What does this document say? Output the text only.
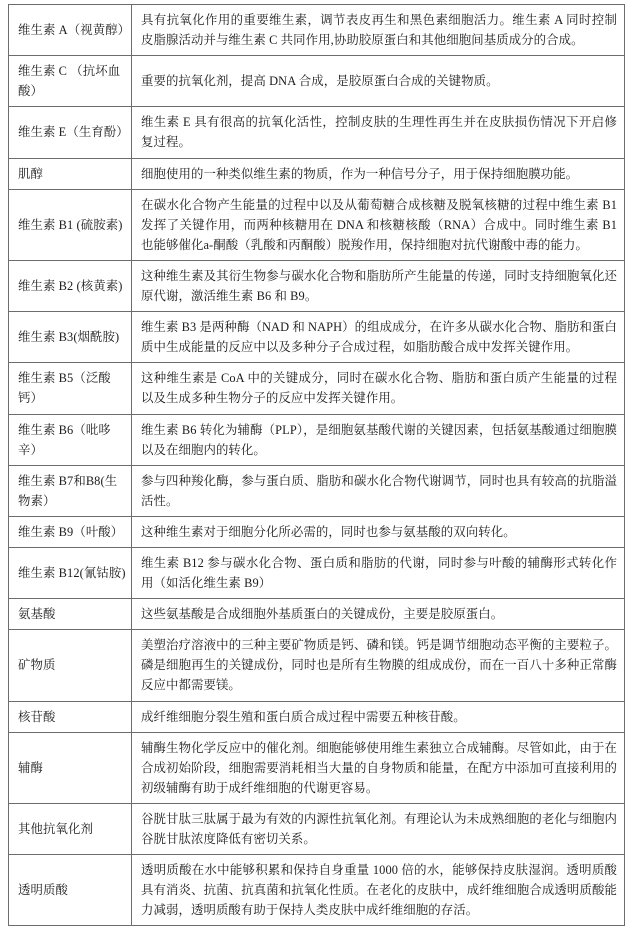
维生素 A（视黄醇）	具有抗氧化作用的重要维生素，调节表皮再生和黑色素细胞活力。维生素 A 同时控制皮脂腺活动并与维生素 C 共同作用,协助胶原蛋白和其他细胞间基质成分的合成。

维生素 C （抗坏血酸）	重要的抗氧化剂，提高 DNA 合成，是胶原蛋白合成的关键物质。

维生素 E（生育酚）	维生素 E 具有很高的抗氧化活性，控制皮肤的生理性再生并在皮肤损伤情况下开启修复过程。

肌醇	细胞使用的一种类似维生素的物质，作为一种信号分子，用于保持细胞膜功能。

维生素 B1 (硫胺素)	在碳水化合物产生能量的过程中以及从葡萄糖合成核糖及脱氧核糖的过程中维生素 B1 发挥了关键作用，而两种核糖用在 DNA 和核糖核酸（RNA）合成中。同时维生素 B1 也能够催化a-酮酸（乳酸和丙酮酸）脱羧作用，保持细胞对抗代谢酸中毒的能力。

维生素 B2 (核黄素)	这种维生素及其衍生物参与碳水化合物和脂肪所产生能量的传递，同时支持细胞氧化还原代谢，激活维生素 B6 和 B9。

维生素 B3(烟酰胺)	维生素 B3 是两种酶（NAD 和 NAPH）的组成成分，在许多从碳水化合物、脂肪和蛋白质中生成能量的反应中以及多种分子合成过程，如脂肪酸合成中发挥关键作用。

维生素 B5（泛酸钙）	这种维生素是 CoA 中的关键成分，同时在碳水化合物、脂肪和蛋白质产生能量的过程以及生成多种生物分子的反应中发挥关键作用。

维生素 B6（吡哆辛）	维生素 B6 转化为辅酶（PLP），是细胞氨基酸代谢的关键因素，包括氨基酸通过细胞膜以及在细胞内的转化。

维生素 B7和B8(生物素）	参与四种羧化酶，参与蛋白质、脂肪和碳水化合物代谢调节，同时也具有较高的抗脂溢活性。

维生素 B9（叶酸）	这种维生素对于细胞分化所必需的，同时也参与氨基酸的双向转化。

维生素 B12(氰钴胺)	维生素 B12 参与碳水化合物、蛋白质和脂肪的代谢，同时参与叶酸的辅酶形式转化作用（如活化维生素 B9）

氨基酸	这些氨基酸是合成细胞外基质蛋白的关键成份，主要是胶原蛋白。

矿物质	美塑治疗溶液中的三种主要矿物质是钙、磷和镁。钙是调节细胞动态平衡的主要粒子。磷是细胞再生的关键成份，同时也是所有生物膜的组成成份，而在一百八十多种正常酶反应中都需要镁。

核苷酸	成纤维细胞分裂生殖和蛋白质合成过程中需要五种核苷酸。

辅酶	辅酶生物化学反应中的催化剂。细胞能够使用维生素独立合成辅酶。尽管如此，由于在合成初始阶段，细胞需要消耗相当大量的自身物质和能量，在配方中添加可直接利用的初级辅酶有助于成纤维细胞的代谢更容易。

其他抗氧化剂	谷胱甘肽三肽属于最为有效的内源性抗氧化剂。有理论认为未成熟细胞的老化与细胞内谷胱甘肽浓度降低有密切关系。

透明质酸	透明质酸在水中能够积累和保持自身重量 1000 倍的水，能够保持皮肤湿润。透明质酸具有消炎、抗菌、抗真菌和抗氧化性质。在老化的皮肤中，成纤维细胞合成透明质酸能力减弱，透明质酸有助于保持人类皮肤中成纤维细胞的存活。
